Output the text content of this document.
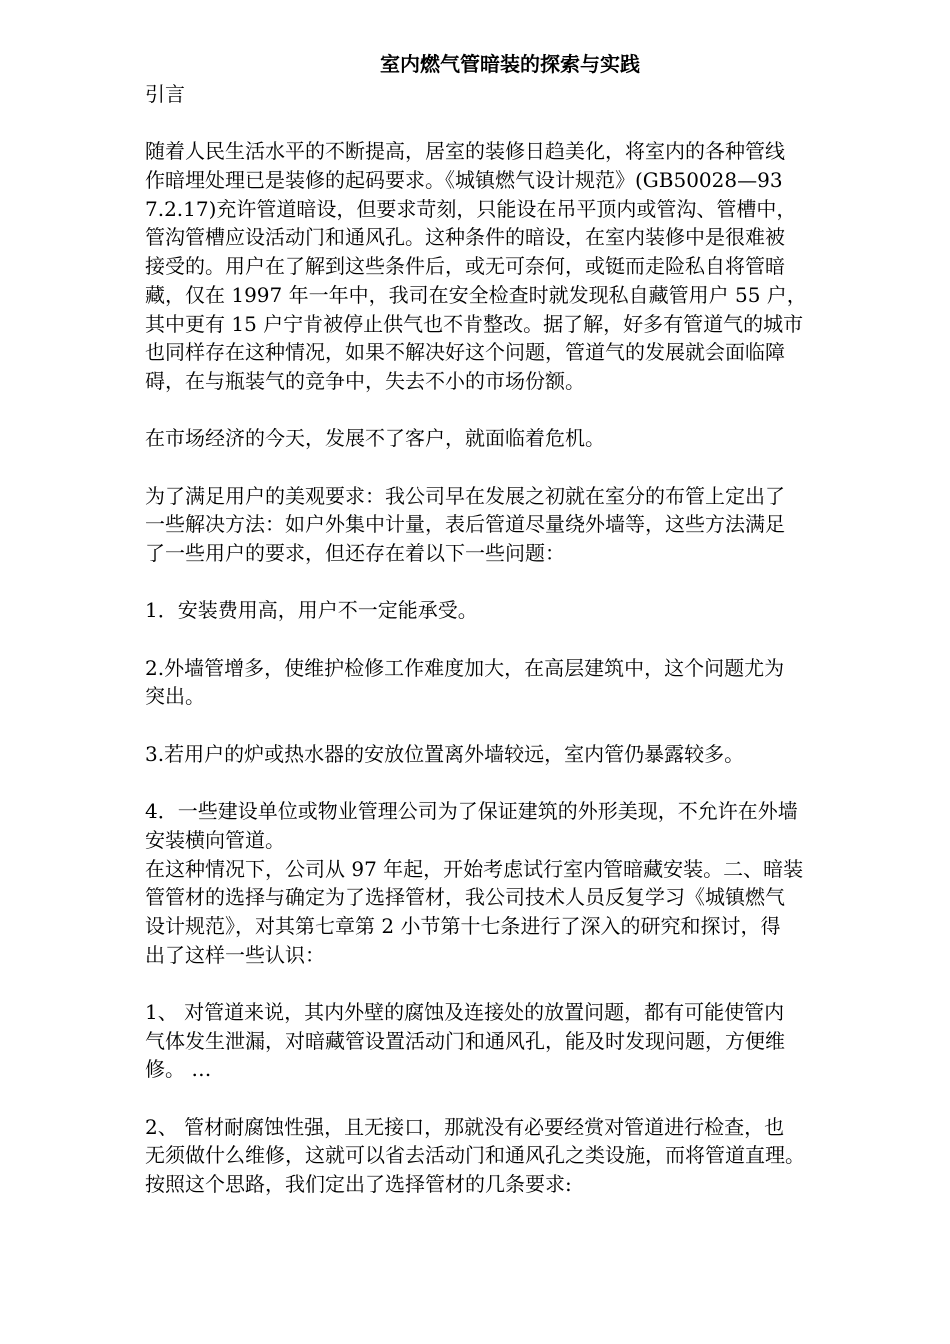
室内燃气管暗装的探索与实践
引言
随着人民生活水平的不断提高，居室的装修日趋美化，将室内的各种管线
作暗埋处理已是装修的起码要求。《城镇燃气设计规范》(GB50028—93
7.2.17)充许管道暗设，但要求苛刻，只能设在吊平顶内或管沟、管槽中，
管沟管槽应设活动门和通风孔。这种条件的暗设，在室内装修中是很难被
接受的。用户在了解到这些条件后，或无可奈何，或铤而走险私自将管暗
藏，仅在 1997 年一年中，我司在安全检查时就发现私自藏管用户 55 户，
其中更有 15 户宁肯被停止供气也不肯整改。据了解，好多有管道气的城市
也同样存在这种情况，如果不解决好这个问题，管道气的发展就会面临障
碍，在与瓶装气的竞争中，失去不小的市场份额。
在市场经济的今天，发展不了客户，就面临着危机。
为了满足用户的美观要求：我公司早在发展之初就在室分的布管上定出了
一些解决方法：如户外集中计量，表后管道尽量绕外墙等，这些方法满足
了一些用户的要求，但还存在着以下一些问题：
1．安装费用高，用户不一定能承受。
2.外墙管增多，使维护检修工作难度加大，在高层建筑中，这个问题尤为
突出。
3.若用户的炉或热水器的安放位置离外墙较远，室内管仍暴露较多。
4．一些建设单位或物业管理公司为了保证建筑的外形美现，不允许在外墙
安装横向管道。
在这种情况下，公司从 97 年起，开始考虑试行室内管暗藏安装。二、暗装
管管材的选择与确定为了选择管材，我公司技术人员反复学习《城镇燃气
设计规范》，对其第七章第 2 小节第十七条进行了深入的研究和探讨，得
出了这样一些认识：
1、 对管道来说，其内外壁的腐蚀及连接处的放置问题，都有可能使管内
气体发生泄漏，对暗藏管设置活动门和通风孔，能及时发现问题，方便维
修。 …
2、 管材耐腐蚀性强，且无接口，那就没有必要经赏对管道进行检查，也
无须做什么维修，这就可以省去活动门和通风孔之类设施，而将管道直理。
按照这个思路，我们定出了选择管材的几条要求:
